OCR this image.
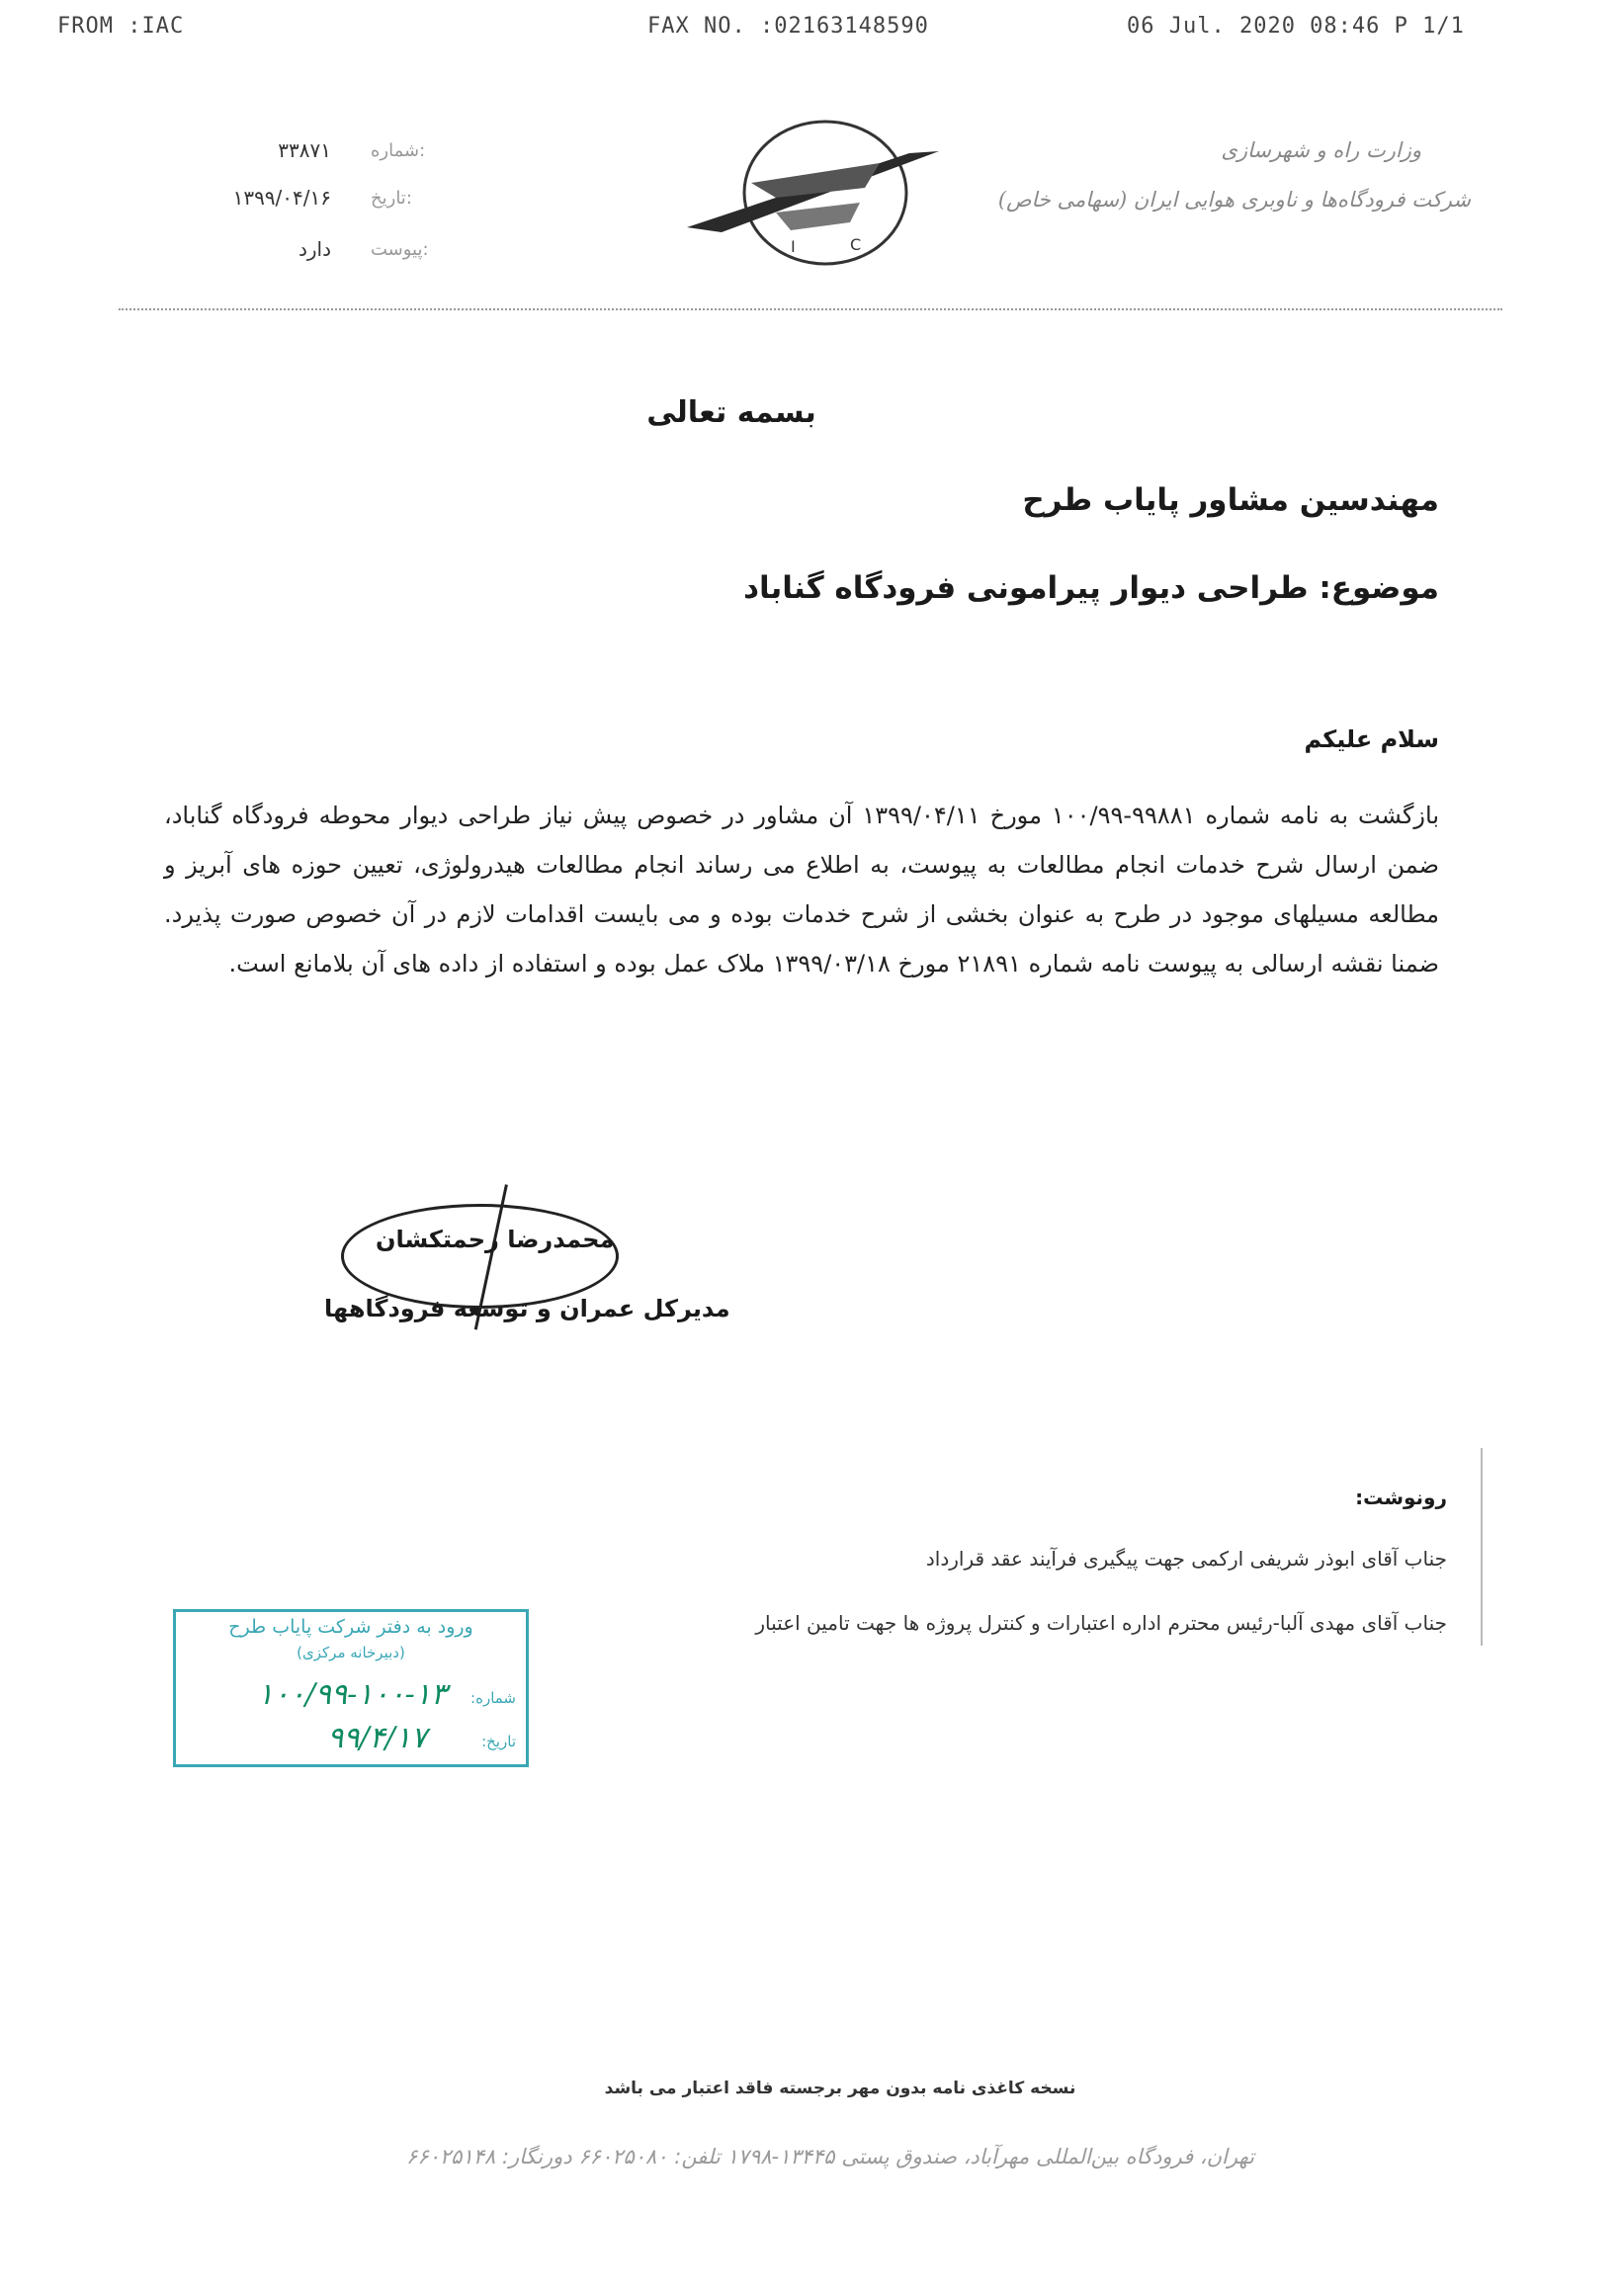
FROM :IAC	FAX NO. :02163148590	06 Jul. 2020 08:46 P 1/1
۳۳۸۷۱ شماره:
۱۳۹۹/۰۴/۱۶ تاریخ:
دارد پیوست:	I	C
وزارت راه و شهرسازی
شرکت فرودگاه‌ها و ناوبری هوایی ایران (سهامی خاص)
بسمه تعالی
مهندسین مشاور پایاب طرح
موضوع: طراحی دیوار پیرامونی فرودگاه گناباد
سلام علیکم
بازگشت به نامه شماره ۹۹۸۸۱-۱۰۰/۹۹ مورخ ۱۳۹۹/۰۴/۱۱ آن مشاور در خصوص پیش نیاز طراحی دیوار محوطه فرودگاه گناباد، ضمن ارسال شرح خدمات انجام مطالعات به پیوست، به اطلاع می رساند انجام مطالعات هیدرولوژی، تعیین حوزه های آبریز و مطالعه مسیلهای موجود در طرح به عنوان بخشی از شرح خدمات بوده و می بایست اقدامات لازم در آن خصوص صورت پذیرد. ضمنا نقشه ارسالی به پیوست نامه شماره ۲۱۸۹۱ مورخ ۱۳۹۹/۰۳/۱۸ ملاک عمل بوده و استفاده از داده های آن بلامانع است.
محمدرضا رحمتکشان
مدیرکل عمران و توسعه فرودگاهها
رونوشت:
جناب آقای ابوذر شریفی ارکمی جهت پیگیری فرآیند عقد قرارداد
جناب آقای مهدی آلبا-رئیس محترم اداره اعتبارات و کنترل پروژه ها جهت تامین اعتبار
ورود به دفتر شرکت پایاب طرح
(دبیرخانه مرکزی)
شماره:
۱۰۰/۹۹-۱۰۰-۱۳
تاریخ:
۹۹/۴/۱۷
نسخه کاغذی نامه بدون مهر برجسته فاقد اعتبار می باشد
تهران، فرودگاه بین‌المللی مهرآباد، صندوق پستی ۱۳۴۴۵-۱۷۹۸ تلفن: ۶۶۰۲۵۰۸۰ دورنگار: ۶۶۰۲۵۱۴۸
